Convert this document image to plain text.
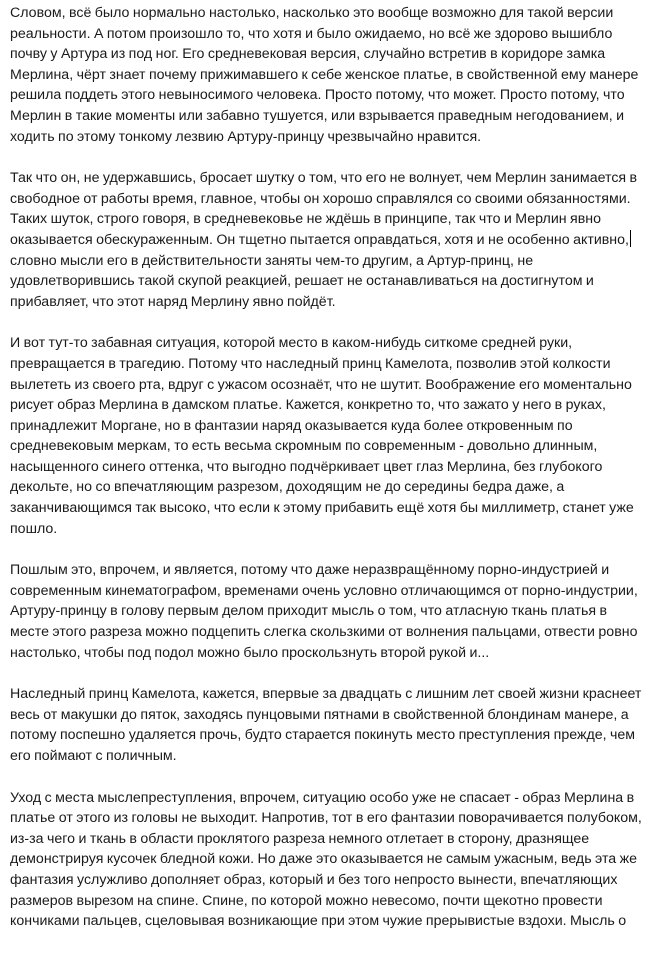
Словом, всё было нормально настолько, насколько это вообще возможно для такой версии
реальности. А потом произошло то, что хотя и было ожидаемо, но всё же здорово вышибло
почву у Артура из под ног. Его средневековая версия, случайно встретив в коридоре замка
Мерлина, чёрт знает почему прижимавшего к себе женское платье, в свойственной ему манере
решила поддеть этого невыносимого человека. Просто потому, что может. Просто потому, что
Мерлин в такие моменты или забавно тушуется, или взрывается праведным негодованием, и
ходить по этому тонкому лезвию Артуру-принцу чрезвычайно нравится.

Так что он, не удержавшись, бросает шутку о том, что его не волнует, чем Мерлин занимается в
свободное от работы время, главное, чтобы он хорошо справлялся со своими обязанностями.
Таких шуток, строго говоря, в средневековье не ждёшь в принципе, так что и Мерлин явно
оказывается обескураженным. Он тщетно пытается оправдаться, хотя и не особенно активно,
словно мысли его в действительности заняты чем-то другим, а Артур-принц, не
удовлетворившись такой скупой реакцией, решает не останавливаться на достигнутом и
прибавляет, что этот наряд Мерлину явно пойдёт.

И вот тут-то забавная ситуация, которой место в каком-нибудь ситкоме средней руки,
превращается в трагедию. Потому что наследный принц Камелота, позволив этой колкости
вылететь из своего рта, вдруг с ужасом осознаёт, что не шутит. Воображение его моментально
рисует образ Мерлина в дамском платье. Кажется, конкретно то, что зажато у него в руках,
принадлежит Моргане, но в фантазии наряд оказывается куда более откровенным по
средневековым меркам, то есть весьма скромным по современным - довольно длинным,
насыщенного синего оттенка, что выгодно подчёркивает цвет глаз Мерлина, без глубокого
декольте, но со впечатляющим разрезом, доходящим не до середины бедра даже, а
заканчивающимся так высоко, что если к этому прибавить ещё хотя бы миллиметр, станет уже
пошло.

Пошлым это, впрочем, и является, потому что даже неразвращённому порно-индустрией и
современным кинематографом, временами очень условно отличающимся от порно-индустрии,
Артуру-принцу в голову первым делом приходит мысль о том, что атласную ткань платья в
месте этого разреза можно подцепить слегка скользкими от волнения пальцами, отвести ровно
настолько, чтобы под подол можно было проскользнуть второй рукой и...

Наследный принц Камелота, кажется, впервые за двадцать с лишним лет своей жизни краснеет
весь от макушки до пяток, заходясь пунцовыми пятнами в свойственной блондинам манере, а
потому поспешно удаляется прочь, будто старается покинуть место преступления прежде, чем
его поймают с поличным.

Уход с места мыслепреступления, впрочем, ситуацию особо уже не спасает - образ Мерлина в
платье от этого из головы не выходит. Напротив, тот в его фантазии поворачивается полубоком,
из-за чего и ткань в области проклятого разреза немного отлетает в сторону, дразнящее
демонстрируя кусочек бледной кожи. Но даже это оказывается не самым ужасным, ведь эта же
фантазия услужливо дополняет образ, который и без того непросто вынести, впечатляющих
размеров вырезом на спине. Спине, по которой можно невесомо, почти щекотно провести
кончиками пальцев, сцеловывая возникающие при этом чужие прерывистые вздохи. Мысль о
